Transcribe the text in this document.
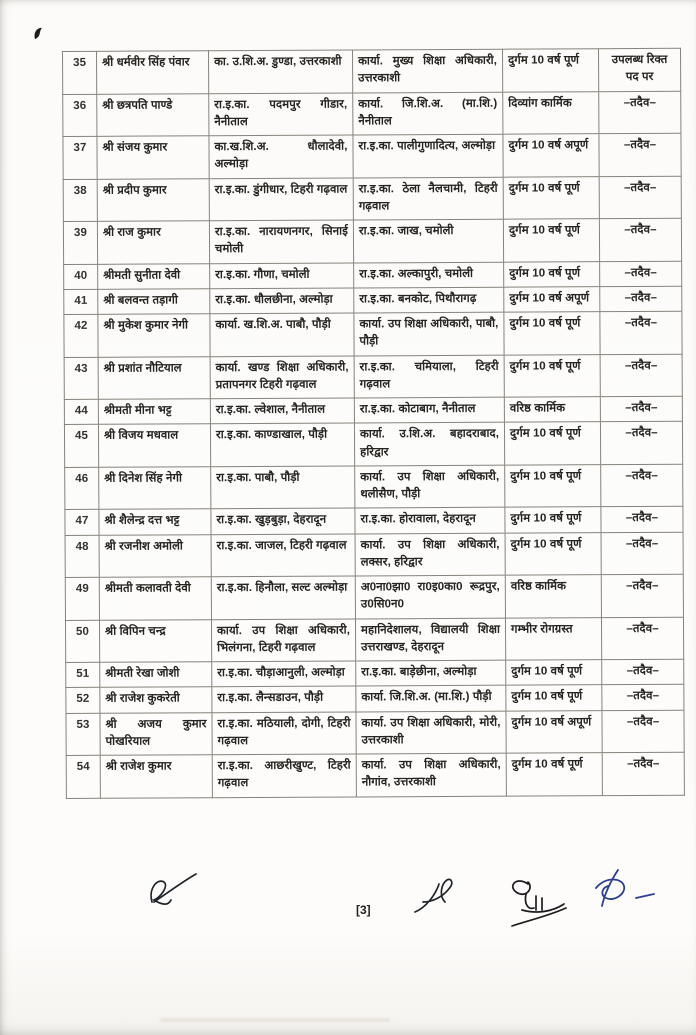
35	श्री धर्मवीर सिंह पंवार	का. उ.शि.अ. डुण्डा, उत्तरकाशी	कार्या. मुख्य शिक्षा अधिकारी, उत्तरकाशी	दुर्गम 10 वर्ष पूर्ण	उपलब्ध रिक्त पद पर
36	श्री छत्रपति पाण्डे	रा.इ.का. पदमपुर गीडार, नैनीताल	कार्या. जि.शि.अ. (मा.शि.) नैनीताल	दिव्यांग कार्मिक	–तदैव–
37	श्री संजय कुमार	का.ख.शि.अ. धौलादेवी, अल्मोड़ा	रा.इ.का. पालीगुणादित्य, अल्मोड़ा	दुर्गम 10 वर्ष अपूर्ण	–तदैव–
38	श्री प्रदीप कुमार	रा.इ.का. डुंगीधार, टिहरी गढ़वाल	रा.इ.का. ठेला नैलचामी, टिहरी गढ़वाल	दुर्गम 10 वर्ष पूर्ण	–तदैव–
39	श्री राज कुमार	रा.इ.का. नारायणनगर, सिनाई चमोली	रा.इ.का. जाख, चमोली	दुर्गम 10 वर्ष पूर्ण	–तदैव–
40	श्रीमती सुनीता देवी	रा.इ.का. गौणा, चमोली	रा.इ.का. अल्कापुरी, चमोली	दुर्गम 10 वर्ष पूर्ण	–तदैव–
41	श्री बलवन्त तड़ागी	रा.इ.का. धौलछीना, अल्मोड़ा	रा.इ.का. बनकोट, पिथौरागढ़	दुर्गम 10 वर्ष अपूर्ण	–तदैव–
42	श्री मुकेश कुमार नेगी	कार्या. ख.शि.अ. पाबौ, पौड़ी	कार्या. उप शिक्षा अधिकारी, पाबौ, पौड़ी	दुर्गम 10 वर्ष पूर्ण	–तदैव–
43	श्री प्रशांत नौटियाल	कार्या. खण्ड शिक्षा अधिकारी, प्रतापनगर टिहरी गढ़वाल	रा.इ.का. चमियाला, टिहरी गढ़वाल	दुर्गम 10 वर्ष पूर्ण	–तदैव–
44	श्रीमती मीना भट्ट	रा.इ.का. ल्वेशाल, नैनीताल	रा.इ.का. कोटाबाग, नैनीताल	वरिष्ठ कार्मिक	–तदैव–
45	श्री विजय मधवाल	रा.इ.का. काण्डाखाल, पौड़ी	कार्या. उ.शि.अ. बहादराबाद, हरिद्वार	दुर्गम 10 वर्ष पूर्ण	–तदैव–
46	श्री दिनेश सिंह नेगी	रा.इ.का. पाबौ, पौड़ी	कार्या. उप शिक्षा अधिकारी, थलीसैण, पौड़ी	दुर्गम 10 वर्ष पूर्ण	–तदैव–
47	श्री शैलेन्द्र दत्त भट्ट	रा.इ.का. खुड़बुड़ा, देहरादून	रा.इ.का. होरावाला, देहरादून	दुर्गम 10 वर्ष पूर्ण	–तदैव–
48	श्री रजनीश अमोली	रा.इ.का. जाजल, टिहरी गढ़वाल	कार्या. उप शिक्षा अधिकारी, लक्सर, हरिद्वार	दुर्गम 10 वर्ष पूर्ण	–तदैव–
49	श्रीमती कलावती देवी	रा.इ.का. हिनौला, सल्ट अल्मोड़ा	अ0ना0झा0 रा0इ0का0 रूद्रपुर, उ0सि0न0	वरिष्ठ कार्मिक	–तदैव–
50	श्री विपिन चन्द्र	कार्या. उप शिक्षा अधिकारी, भिलंगना, टिहरी गढ़वाल	महानिदेशालय, विद्यालयी शिक्षा उत्तराखण्ड, देहरादून	गम्भीर रोगग्रस्त	–तदैव–
51	श्रीमती रेखा जोशी	रा.इ.का. चौड़ाआनुली, अल्मोड़ा	रा.इ.का. बाड़ेछीना, अल्मोड़ा	दुर्गम 10 वर्ष पूर्ण	–तदैव–
52	श्री राजेश कुकरेती	रा.इ.का. लैन्सडाउन, पौड़ी	कार्या. जि.शि.अ. (मा.शि.) पौड़ी	दुर्गम 10 वर्ष पूर्ण	–तदैव–
53	श्री अजय कुमार पोखरियाल	रा.इ.का. मठियाली, दोगी, टिहरी गढ़वाल	कार्या. उप शिक्षा अधिकारी, मोरी, उत्तरकाशी	दुर्गम 10 वर्ष अपूर्ण	–तदैव–
54	श्री राजेश कुमार	रा.इ.का. आछरीखुण्ट, टिहरी गढ़वाल	कार्या. उप शिक्षा अधिकारी, नौगांव, उत्तरकाशी	दुर्गम 10 वर्ष पूर्ण	–तदैव–
[3]
